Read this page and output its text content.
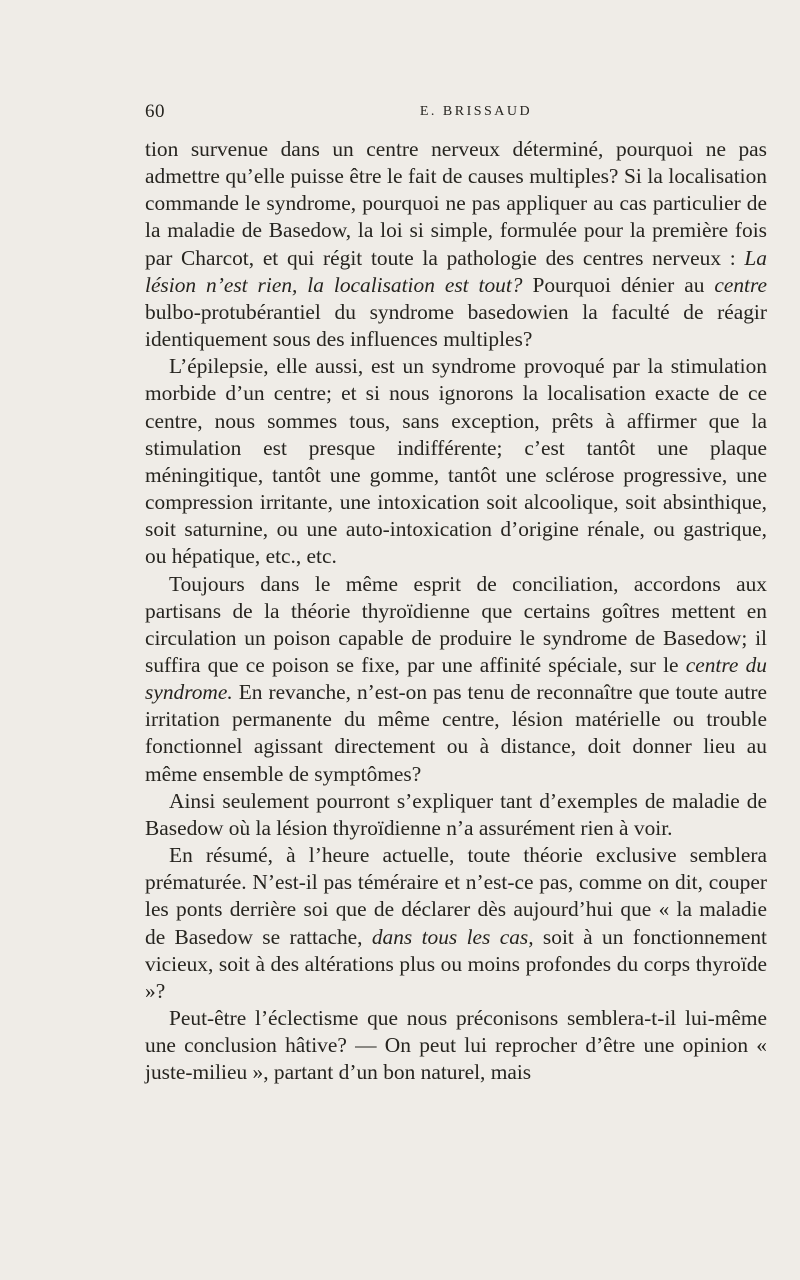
60	E. BRISSAUD

tion survenue dans un centre nerveux déterminé, pourquoi ne pas admettre qu’elle puisse être le fait de causes multiples? Si la localisation commande le syndrome, pourquoi ne pas appliquer au cas particulier de la maladie de Basedow, la loi si simple, formulée pour la première fois par Charcot, et qui régit toute la pathologie des centres nerveux : La lésion n’est rien, la localisation est tout? Pourquoi dénier au centre bulbo-protubérantiel du syndrome basedowien la faculté de réagir identiquement sous des influences multiples?

L’épilepsie, elle aussi, est un syndrome provoqué par la stimulation morbide d’un centre; et si nous ignorons la localisation exacte de ce centre, nous sommes tous, sans exception, prêts à affirmer que la stimulation est presque indifférente; c’est tantôt une plaque méningitique, tantôt une gomme, tantôt une sclérose progressive, une compression irritante, une intoxication soit alcoolique, soit absinthique, soit saturnine, ou une auto-intoxication d’origine rénale, ou gastrique, ou hépatique, etc., etc.

Toujours dans le même esprit de conciliation, accordons aux partisans de la théorie thyroïdienne que certains goîtres mettent en circulation un poison capable de produire le syndrome de Basedow; il suffira que ce poison se fixe, par une affinité spéciale, sur le centre du syndrome. En revanche, n’est-on pas tenu de reconnaître que toute autre irritation permanente du même centre, lésion matérielle ou trouble fonctionnel agissant directement ou à distance, doit donner lieu au même ensemble de symptômes?

Ainsi seulement pourront s’expliquer tant d’exemples de maladie de Basedow où la lésion thyroïdienne n’a assurément rien à voir.

En résumé, à l’heure actuelle, toute théorie exclusive semblera prématurée. N’est-il pas téméraire et n’est-ce pas, comme on dit, couper les ponts derrière soi que de déclarer dès aujourd’hui que « la maladie de Basedow se rattache, dans tous les cas, soit à un fonctionnement vicieux, soit à des altérations plus ou moins profondes du corps thyroïde »?

Peut-être l’éclectisme que nous préconisons semblera-t-il lui-même une conclusion hâtive? — On peut lui reprocher d’être une opinion « juste-milieu », partant d’un bon naturel, mais
